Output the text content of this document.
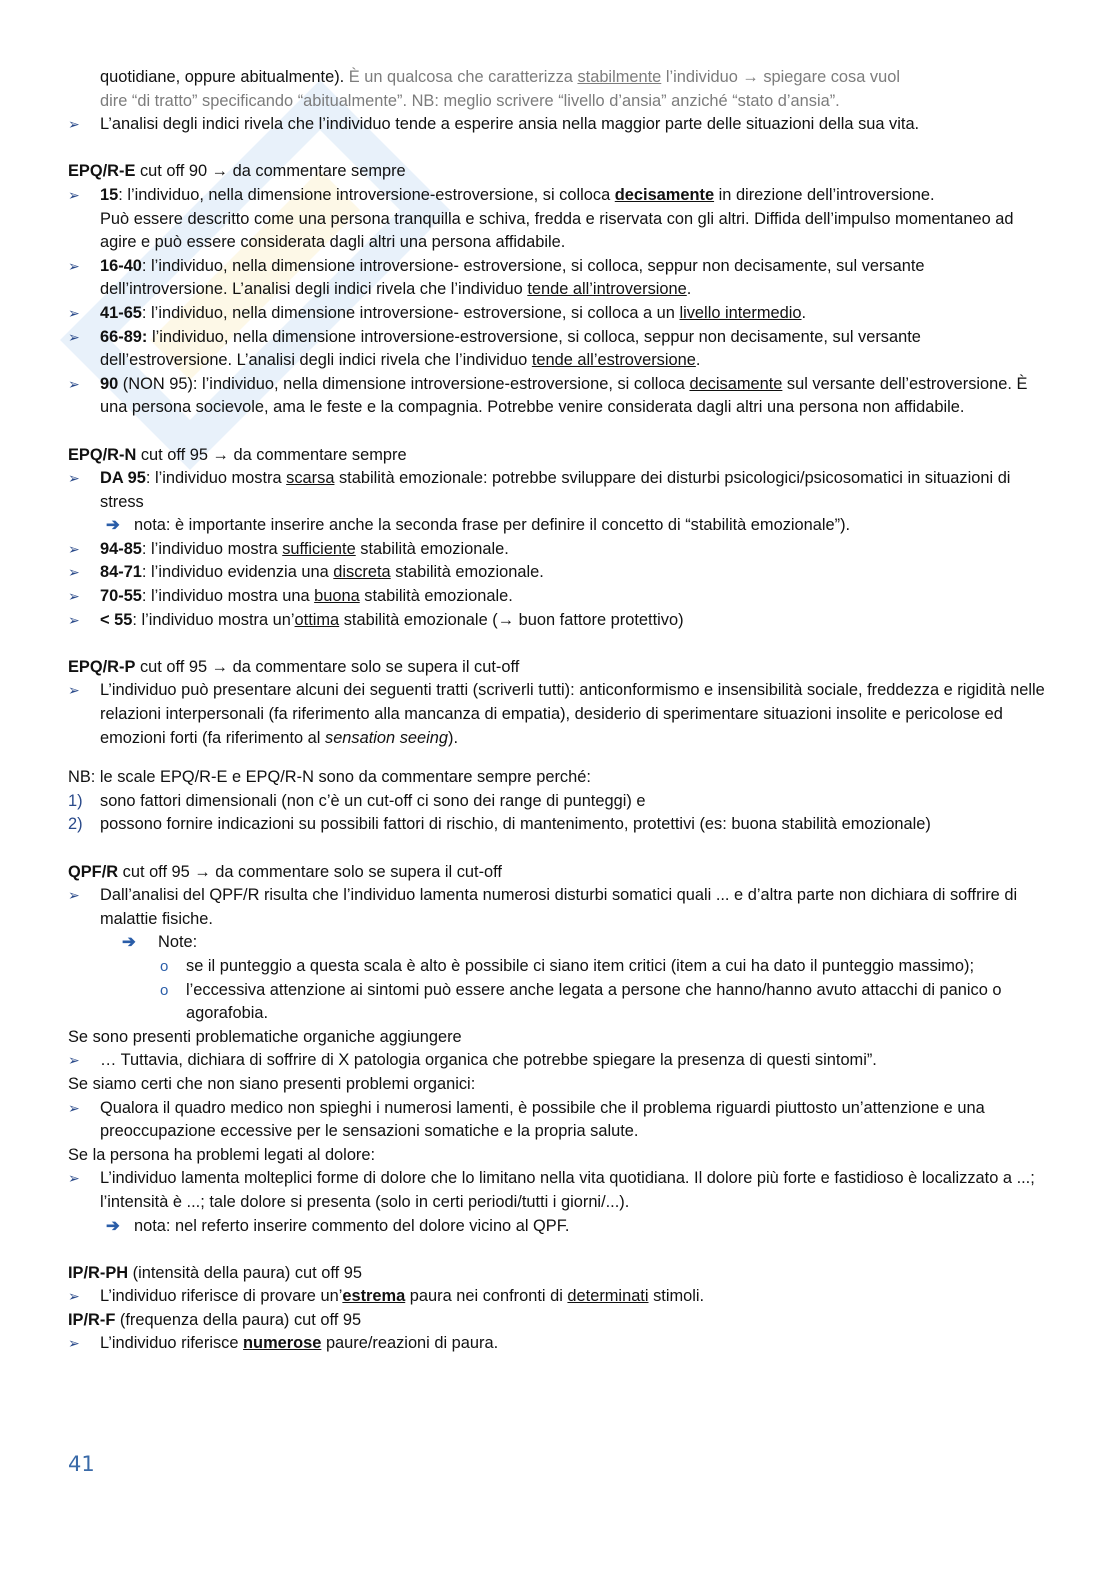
quotidiane, oppure abitualmente). È un qualcosa che caratterizza stabilmente l’individuo → spiegare cosa vuol

dire “di tratto” specificando “abitualmente”. NB: meglio scrivere “livello d’ansia” anziché “stato d’ansia”.

➢ L’analisi degli indici rivela che l’individuo tende a esperire ansia nella maggior parte delle situazioni della sua vita.

EPQ/R-E cut off 90 → da commentare sempre

➢ 15: l’individuo, nella dimensione introversione-estroversione, si colloca decisamente in direzione dell’introversione.
Può essere descritto come una persona tranquilla e schiva, fredda e riservata con gli altri. Diffida dell’impulso momentaneo ad agire e può essere considerata dagli altri una persona affidabile.

➢ 16-40: l’individuo, nella dimensione introversione- estroversione, si colloca, seppur non decisamente, sul versante dell’introversione. L’analisi degli indici rivela che l’individuo tende all’introversione.

➢ 41-65: l’individuo, nella dimensione introversione- estroversione, si colloca a un livello intermedio.

➢ 66-89: l’individuo, nella dimensione introversione-estroversione, si colloca, seppur non decisamente, sul versante dell’estroversione. L’analisi degli indici rivela che l’individuo tende all’estroversione.

➢ 90 (NON 95): l’individuo, nella dimensione introversione-estroversione, si colloca decisamente sul versante dell’estroversione. È una persona socievole, ama le feste e la compagnia. Potrebbe venire considerata dagli altri una persona non affidabile.

EPQ/R-N cut off 95 → da commentare sempre

➢ DA 95: l’individuo mostra scarsa stabilità emozionale: potrebbe sviluppare dei disturbi psicologici/psicosomatici in situazioni di stress

➔ nota: è importante inserire anche la seconda frase per definire il concetto di “stabilità emozionale”).

➢ 94-85: l’individuo mostra sufficiente stabilità emozionale.

➢ 84-71: l’individuo evidenzia una discreta stabilità emozionale.

➢ 70-55: l’individuo mostra una buona stabilità emozionale.

➢ < 55: l’individuo mostra un’ottima stabilità emozionale (→ buon fattore protettivo)

EPQ/R-P cut off 95 → da commentare solo se supera il cut-off

➢ L’individuo può presentare alcuni dei seguenti tratti (scriverli tutti): anticonformismo e insensibilità sociale, freddezza e rigidità nelle relazioni interpersonali (fa riferimento alla mancanza di empatia), desiderio di sperimentare situazioni insolite e pericolose ed emozioni forti (fa riferimento al sensation seeing).

NB: le scale EPQ/R-E e EPQ/R-N sono da commentare sempre perché:

1) sono fattori dimensionali (non c’è un cut-off ci sono dei range di punteggi) e

2) possono fornire indicazioni su possibili fattori di rischio, di mantenimento, protettivi (es: buona stabilità emozionale)

QPF/R cut off 95 → da commentare solo se supera il cut-off

➢ Dall’analisi del QPF/R risulta che l’individuo lamenta numerosi disturbi somatici quali ... e d’altra parte non dichiara di soffrire di malattie fisiche.

➔ Note:

o se il punteggio a questa scala è alto è possibile ci siano item critici (item a cui ha dato il punteggio massimo);

o l’eccessiva attenzione ai sintomi può essere anche legata a persone che hanno/hanno avuto attacchi di panico o agorafobia.

Se sono presenti problematiche organiche aggiungere

➢ … Tuttavia, dichiara di soffrire di X patologia organica che potrebbe spiegare la presenza di questi sintomi”.

Se siamo certi che non siano presenti problemi organici:

➢ Qualora il quadro medico non spieghi i numerosi lamenti, è possibile che il problema riguardi piuttosto un’attenzione e una preoccupazione eccessive per le sensazioni somatiche e la propria salute.

Se la persona ha problemi legati al dolore:

➢ L’individuo lamenta molteplici forme di dolore che lo limitano nella vita quotidiana. Il dolore più forte e fastidioso è localizzato a ...; l’intensità è ...; tale dolore si presenta (solo in certi periodi/tutti i giorni/...).

➔ nota: nel referto inserire commento del dolore vicino al QPF.

IP/R-PH (intensità della paura) cut off 95

➢ L’individuo riferisce di provare un’estrema paura nei confronti di determinati stimoli.

IP/R-F (frequenza della paura) cut off 95

➢ L’individuo riferisce numerose paure/reazioni di paura.

41
